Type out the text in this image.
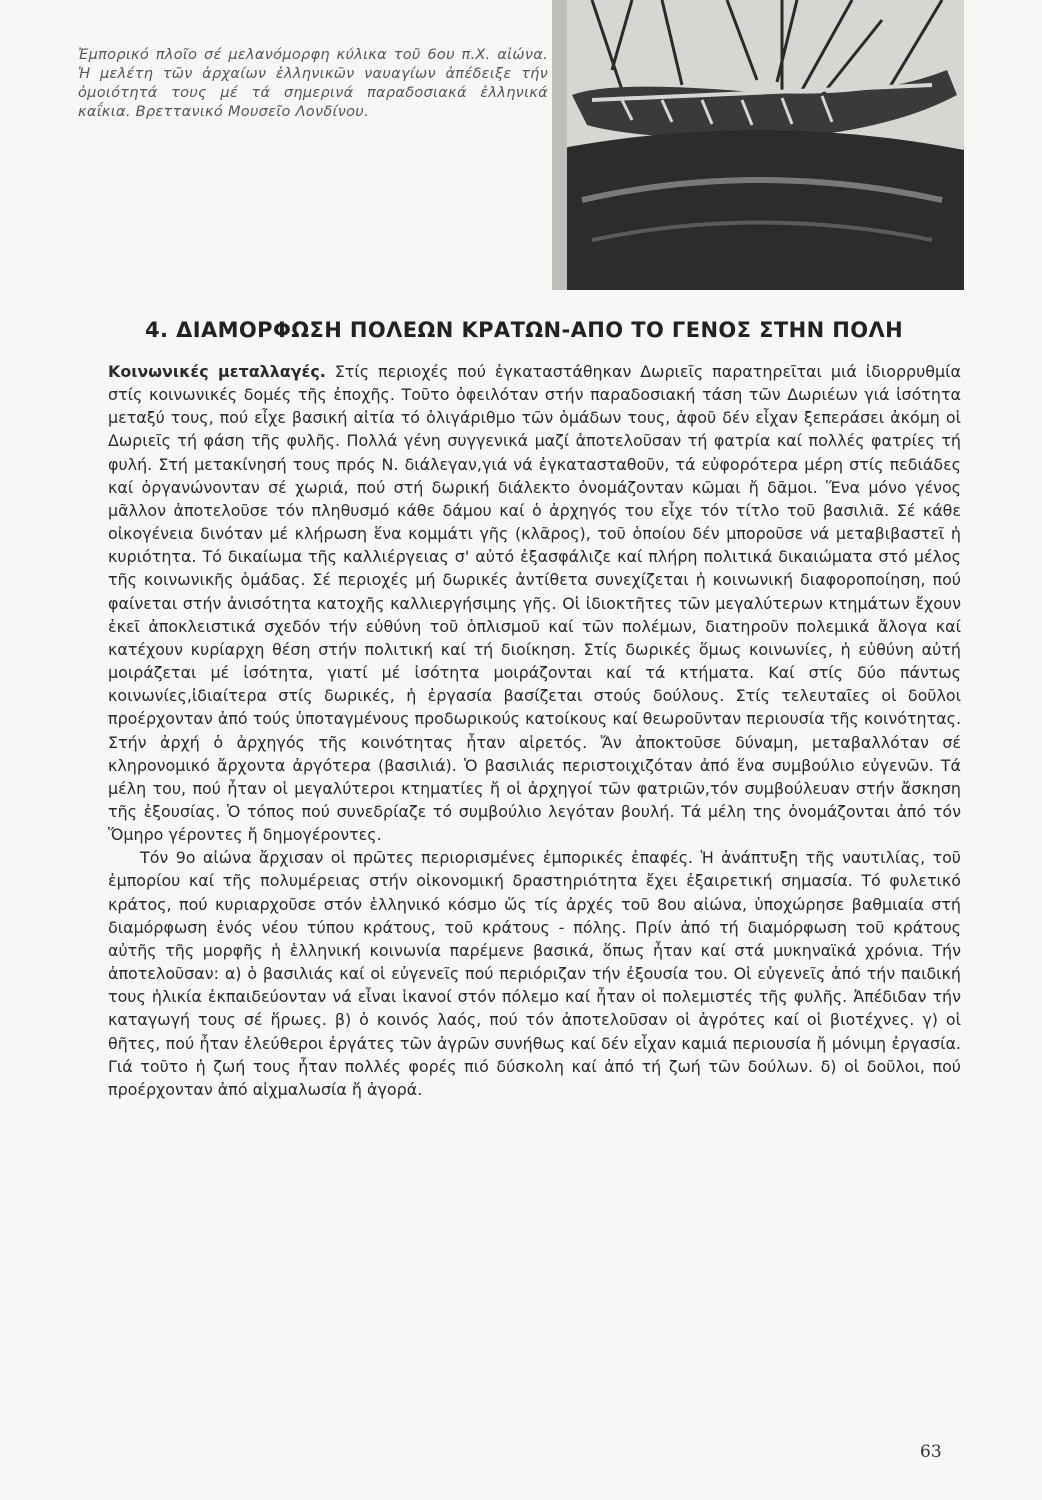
Ἐμπορικό πλοῖο σέ μελανόμορφη κύλικα τοῦ 6ου π.Χ. αἰώνα. Ἡ μελέτη τῶν ἀρχαίων ἑλληνικῶν ναυαγίων ἀπέδειξε τήν ὁμοιότητά τους μέ τά σημερινά παραδοσιακά ἑλληνικά καΐκια. Βρεττανικό Μουσεῖο Λονδίνου.
4. ΔΙΑΜΟΡΦΩΣΗ ΠΟΛΕΩΝ ΚΡΑΤΩΝ-ΑΠΟ ΤΟ ΓΕΝΟΣ ΣΤΗΝ ΠΟΛΗ

Κοινωνικές μεταλλαγές. Στίς περιοχές πού ἐγκαταστάθηκαν Δωριεῖς παρατηρεῖται μιά ἰδιορρυθμία στίς κοινωνικές δομές τῆς ἐποχῆς. Τοῦτο ὀφειλόταν στήν παραδοσιακή τάση τῶν Δωριέων γιά ἰσότητα μεταξύ τους, πού εἶχε βασική αἰτία τό ὀλιγάριθμο τῶν ὁμάδων τους, ἀφοῦ δέν εἶχαν ξεπεράσει ἀκόμη οἱ Δωριεῖς τή φάση τῆς φυλῆς. Πολλά γένη συγγενικά μαζί ἀποτελοῦσαν τή φατρία καί πολλές φατρίες τή φυλή. Στή μετακίνησή τους πρός Ν. διάλεγαν,γιά νά ἐγκατασταθοῦν, τά εὐφορότερα μέρη στίς πεδιάδες καί ὀργανώνονταν σέ χωριά, πού στή δωρική διάλεκτο ὀνομάζονταν κῶμαι ἤ δᾶμοι. Ἕνα μόνο γένος μᾶλλον ἀποτελοῦσε τόν πληθυσμό κάθε δάμου καί ὁ ἀρχηγός του εἶχε τόν τίτλο τοῦ βασιλιᾶ. Σέ κάθε οἰκογένεια δινόταν μέ κλήρωση ἕνα κομμάτι γῆς (κλᾶρος), τοῦ ὁποίου δέν μποροῦσε νά μεταβιβαστεῖ ἡ κυριότητα. Τό δικαίωμα τῆς καλλιέργειας σ' αὐτό ἐξασφάλιζε καί πλήρη πολιτικά δικαιώματα στό μέλος τῆς κοινωνικῆς ὁμάδας. Σέ περιοχές μή δωρικές ἀντίθετα συνεχίζεται ἡ κοινωνική διαφοροποίηση, πού φαίνεται στήν ἀνισότητα κατοχῆς καλλιεργήσιμης γῆς. Οἱ ἰδιοκτῆτες τῶν μεγαλύτερων κτημάτων ἔχουν ἐκεῖ ἀποκλειστικά σχεδόν τήν εὐθύνη τοῦ ὁπλισμοῦ καί τῶν πολέμων, διατηροῦν πολεμικά ἄλογα καί κατέχουν κυρίαρχη θέση στήν πολιτική καί τή διοίκηση. Στίς δωρικές ὅμως κοινωνίες, ἡ εὐθύνη αὐτή μοιράζεται μέ ἰσότητα, γιατί μέ ἰσότητα μοιράζονται καί τά κτήματα. Καί στίς δύο πάντως κοινωνίες,ἰδιαίτερα στίς δωρικές, ἡ ἐργασία βασίζεται στούς δούλους. Στίς τελευταῖες οἱ δοῦλοι προέρχονταν ἀπό τούς ὑποταγμένους προδωρικούς κατοίκους καί θεωροῦνταν περιουσία τῆς κοινότητας. Στήν ἀρχή ὁ ἀρχηγός τῆς κοινότητας ἦταν αἱρετός. Ἄν ἀποκτοῦσε δύναμη, μεταβαλλόταν σέ κληρονομικό ἄρχοντα ἀργότερα (βασιλιά). Ὁ βασιλιάς περιστοιχιζόταν ἀπό ἕνα συμβούλιο εὐγενῶν. Τά μέλη του, πού ἦταν οἱ μεγαλύτεροι κτηματίες ἤ οἱ ἀρχηγοί τῶν φατριῶν,τόν συμβούλευαν στήν ἄσκηση τῆς ἐξουσίας. Ὁ τόπος πού συνεδρίαζε τό συμβούλιο λεγόταν βουλή. Τά μέλη της ὀνομάζονται ἀπό τόν Ὅμηρο γέροντες ἤ δημογέροντες.

Τόν 9ο αἰώνα ἄρχισαν οἱ πρῶτες περιορισμένες ἐμπορικές ἐπαφές. Ἡ ἀνάπτυξη τῆς ναυτιλίας, τοῦ ἐμπορίου καί τῆς πολυμέρειας στήν οἰκονομική δραστηριότητα ἔχει ἐξαιρετική σημασία. Τό φυλετικό κράτος, πού κυριαρχοῦσε στόν ἑλληνικό κόσμο ὥς τίς ἀρχές τοῦ 8ου αἰώνα, ὑποχώρησε βαθμιαία στή διαμόρφωση ἑνός νέου τύπου κράτους, τοῦ κράτους - πόλης. Πρίν ἀπό τή διαμόρφωση τοῦ κράτους αὐτῆς τῆς μορφῆς ἡ ἑλληνική κοινωνία παρέμενε βασικά, ὅπως ἦταν καί στά μυκηναϊκά χρόνια. Τήν ἀποτελοῦσαν: α) ὁ βασιλιάς καί οἱ εὐγενεῖς πού περιόριζαν τήν ἐξουσία του. Οἱ εὐγενεῖς ἀπό τήν παιδική τους ἡλικία ἐκπαιδεύονταν νά εἶναι ἱκανοί στόν πόλεμο καί ἦταν οἱ πολεμιστές τῆς φυλῆς. Ἀπέδιδαν τήν καταγωγή τους σέ ἥρωες. β) ὁ κοινός λαός, πού τόν ἀποτελοῦσαν οἱ ἀγρότες καί οἱ βιοτέχνες. γ) οἱ θῆτες, πού ἦταν ἐλεύθεροι ἐργάτες τῶν ἀγρῶν συνήθως καί δέν εἶχαν καμιά περιουσία ἤ μόνιμη ἐργασία. Γιά τοῦτο ἡ ζωή τους ἦταν πολλές φορές πιό δύσκολη καί ἀπό τή ζωή τῶν δούλων. δ) οἱ δοῦλοι, πού προέρχονταν ἀπό αἰχμαλωσία ἤ ἀγορά.

63
